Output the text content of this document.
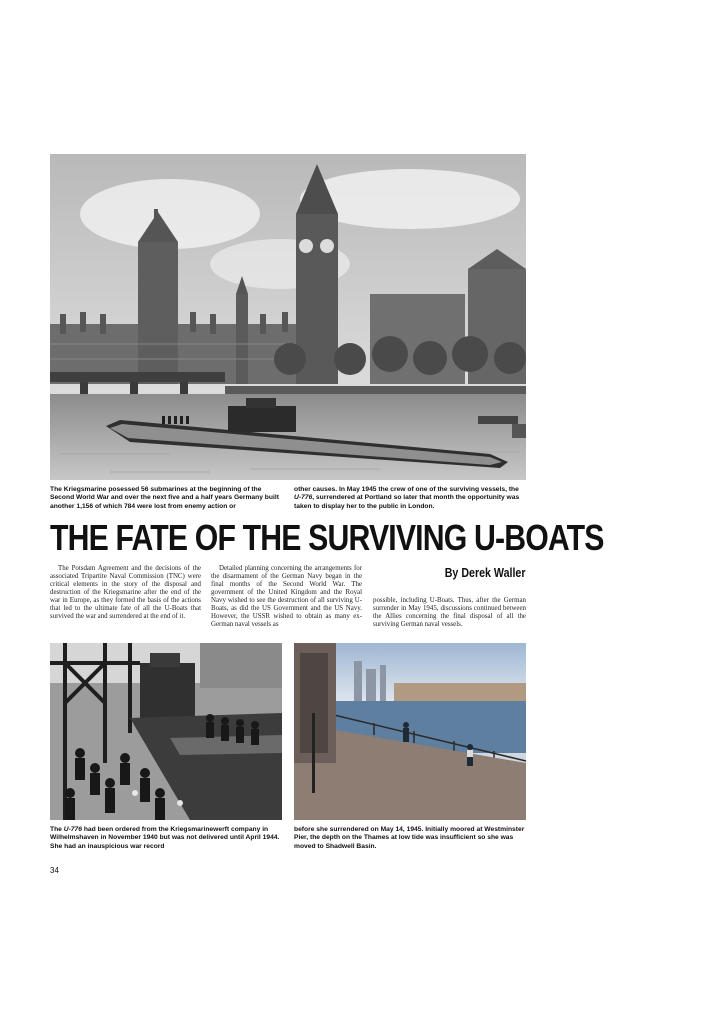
The Kriegsmarine posessed 56 submarines at the beginning of the Second World War and over the next five and a half years Germany built another 1,156 of which 784 were lost from enemy action or

other causes. In May 1945 the crew of one of the surviving vessels, the U-776, surrendered at Portland so later that month the opportunity was taken to display her to the public in London.

THE FATE OF THE SURVIVING U-BOATS

By Derek Waller

The Potsdam Agreement and the decisions of the associated Tripartite Naval Commission (TNC) were critical elements in the story of the disposal and destruction of the Kriegsmarine after the end of the war in Europe, as they formed the basis of the actions that led to the ultimate fate of all the U-Boats that survived the war and surrendered at the end of it.

Detailed planning concerning the arrangements for the disarmament of the German Navy began in the final months of the Second World War. The government of the United Kingdom and the Royal Navy wished to see the destruction of all surviving U-Boats, as did the US Government and the US Navy. However, the USSR wished to obtain as many ex-German naval vessels as

possible, including U-Boats. Thus, after the German surrender in May 1945, discussions continued between the Allies concerning the final disposal of all the surviving German naval vessels.

The U-776 had been ordered from the Kriegsmarinewerft company in Wilhelmshaven in November 1940 but was not delivered until April 1944. She had an inauspicious war record

before she surrendered on May 14, 1945. Initially moored at Westminster Pier, the depth on the Thames at low tide was insufficient so she was moved to Shadwell Basin.

34
